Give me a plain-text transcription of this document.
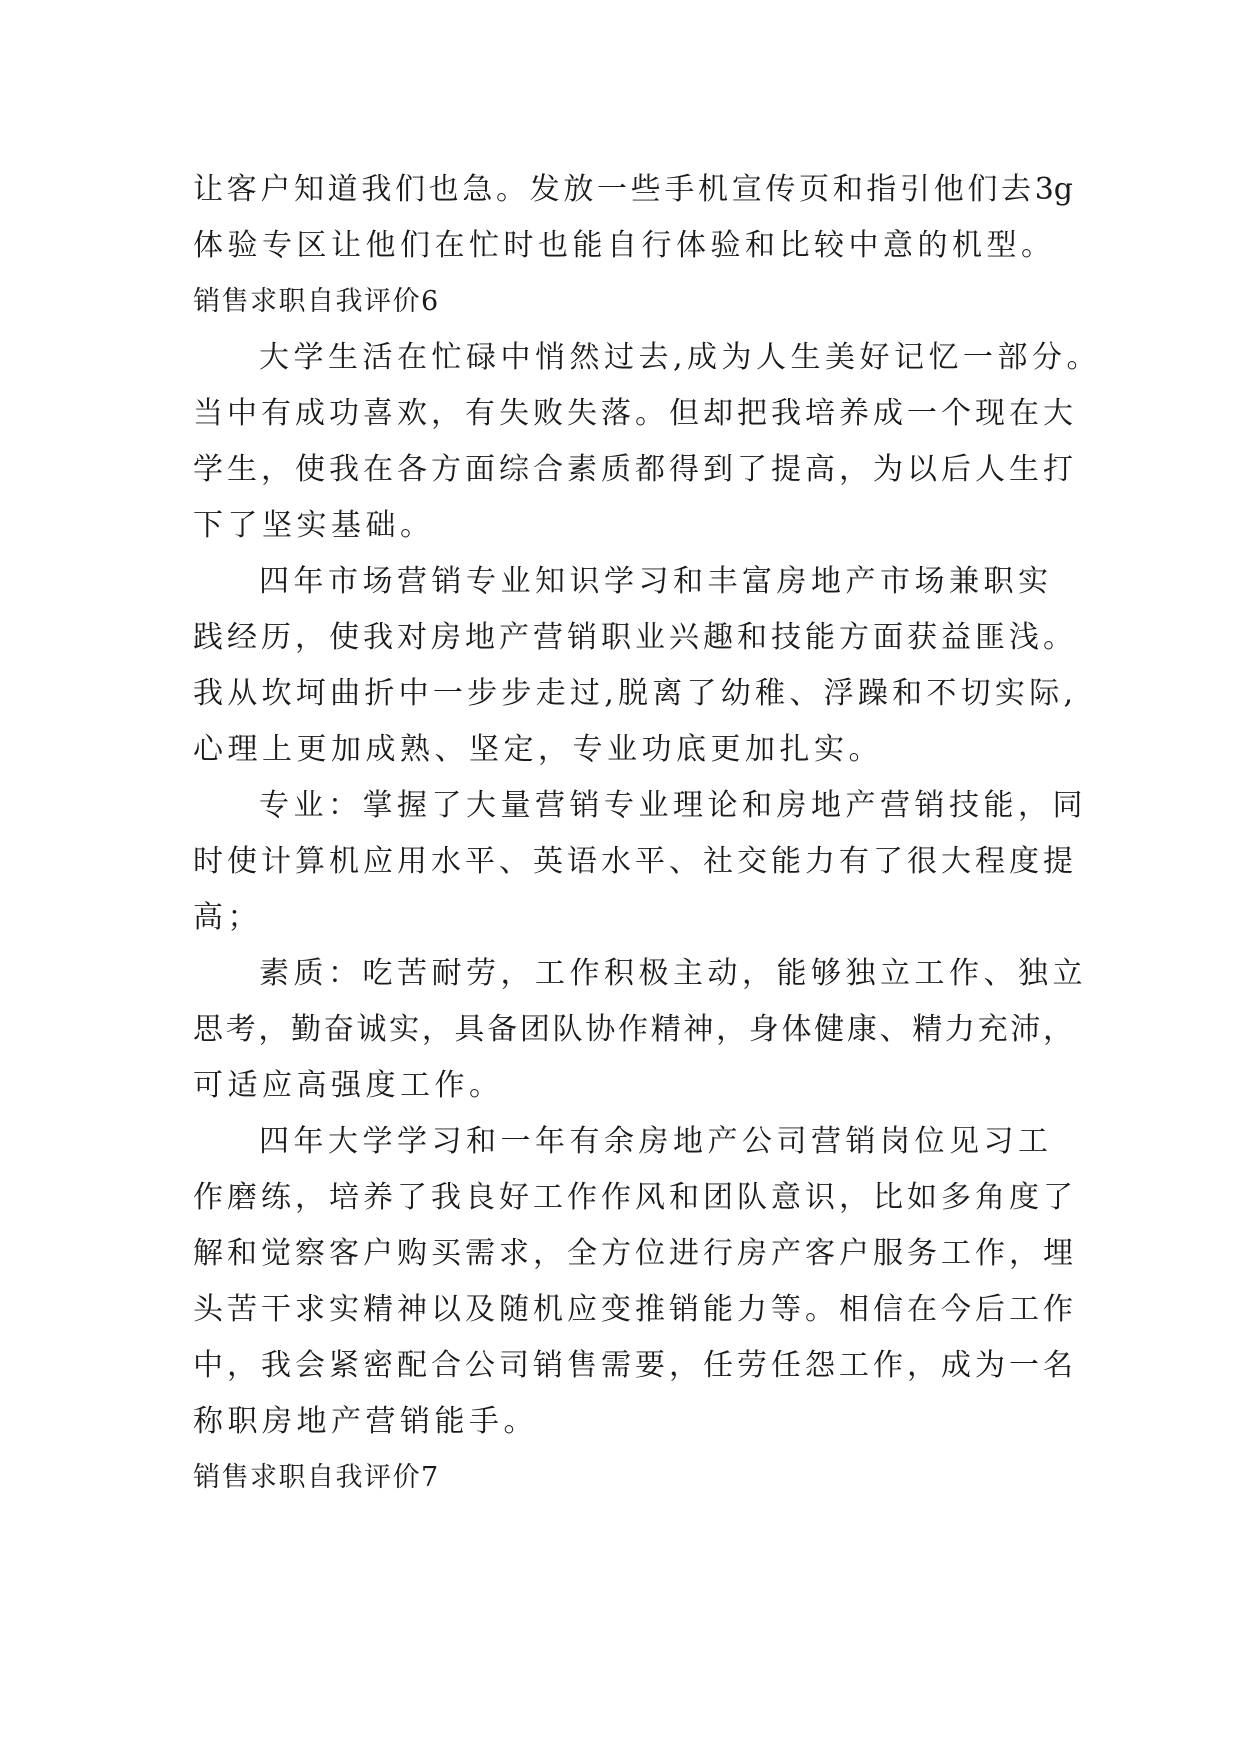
让客户知道我们也急。发放一些手机宣传页和指引他们去3g
体验专区让他们在忙时也能自行体验和比较中意的机型。
销售求职自我评价6
大学生活在忙碌中悄然过去,成为人生美好记忆一部分。
当中有成功喜欢，有失败失落。但却把我培养成一个现在大
学生，使我在各方面综合素质都得到了提高，为以后人生打
下了坚实基础。
四年市场营销专业知识学习和丰富房地产市场兼职实
践经历，使我对房地产营销职业兴趣和技能方面获益匪浅。
我从坎坷曲折中一步步走过,脱离了幼稚、浮躁和不切实际,
心理上更加成熟、坚定，专业功底更加扎实。
专业：掌握了大量营销专业理论和房地产营销技能，同
时使计算机应用水平、英语水平、社交能力有了很大程度提
高；
素质：吃苦耐劳，工作积极主动，能够独立工作、独立
思考，勤奋诚实，具备团队协作精神，身体健康、精力充沛，
可适应高强度工作。
四年大学学习和一年有余房地产公司营销岗位见习工
作磨练，培养了我良好工作作风和团队意识，比如多角度了
解和觉察客户购买需求，全方位进行房产客户服务工作，埋
头苦干求实精神以及随机应变推销能力等。相信在今后工作
中，我会紧密配合公司销售需要，任劳任怨工作，成为一名
称职房地产营销能手。
销售求职自我评价7
